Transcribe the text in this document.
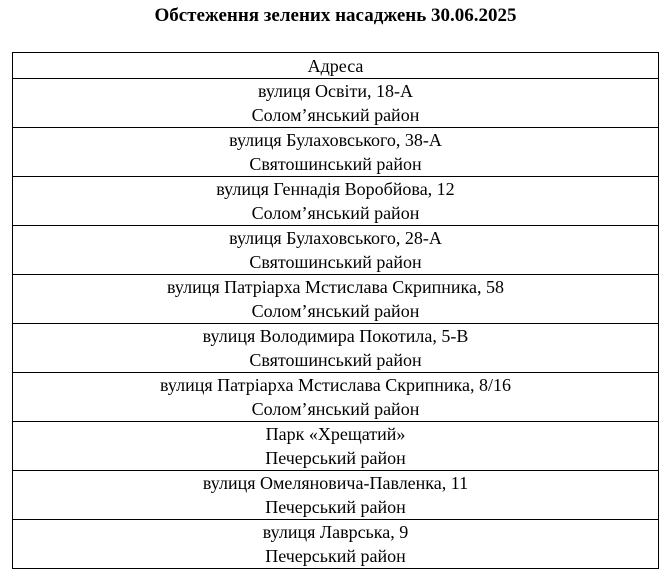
Обстеження зелених насаджень 30.06.2025
Адреса

вулиця Освіти, 18-А
Солом’янський район

вулиця Булаховського, 38-А
Святошинський район

вулиця Геннадія Воробйова, 12
Солом’янський район

вулиця Булаховського, 28-А
Святошинський район

вулиця Патріарха Мстислава Скрипника, 58
Солом’янський район

вулиця Володимира Покотила, 5-В
Святошинський район

вулиця Патріарха Мстислава Скрипника, 8/16
Солом’янський район

Парк «Хрещатий»
Печерський район

вулиця Омеляновича-Павленка, 11
Печерський район

вулиця Лаврська, 9
Печерський район
